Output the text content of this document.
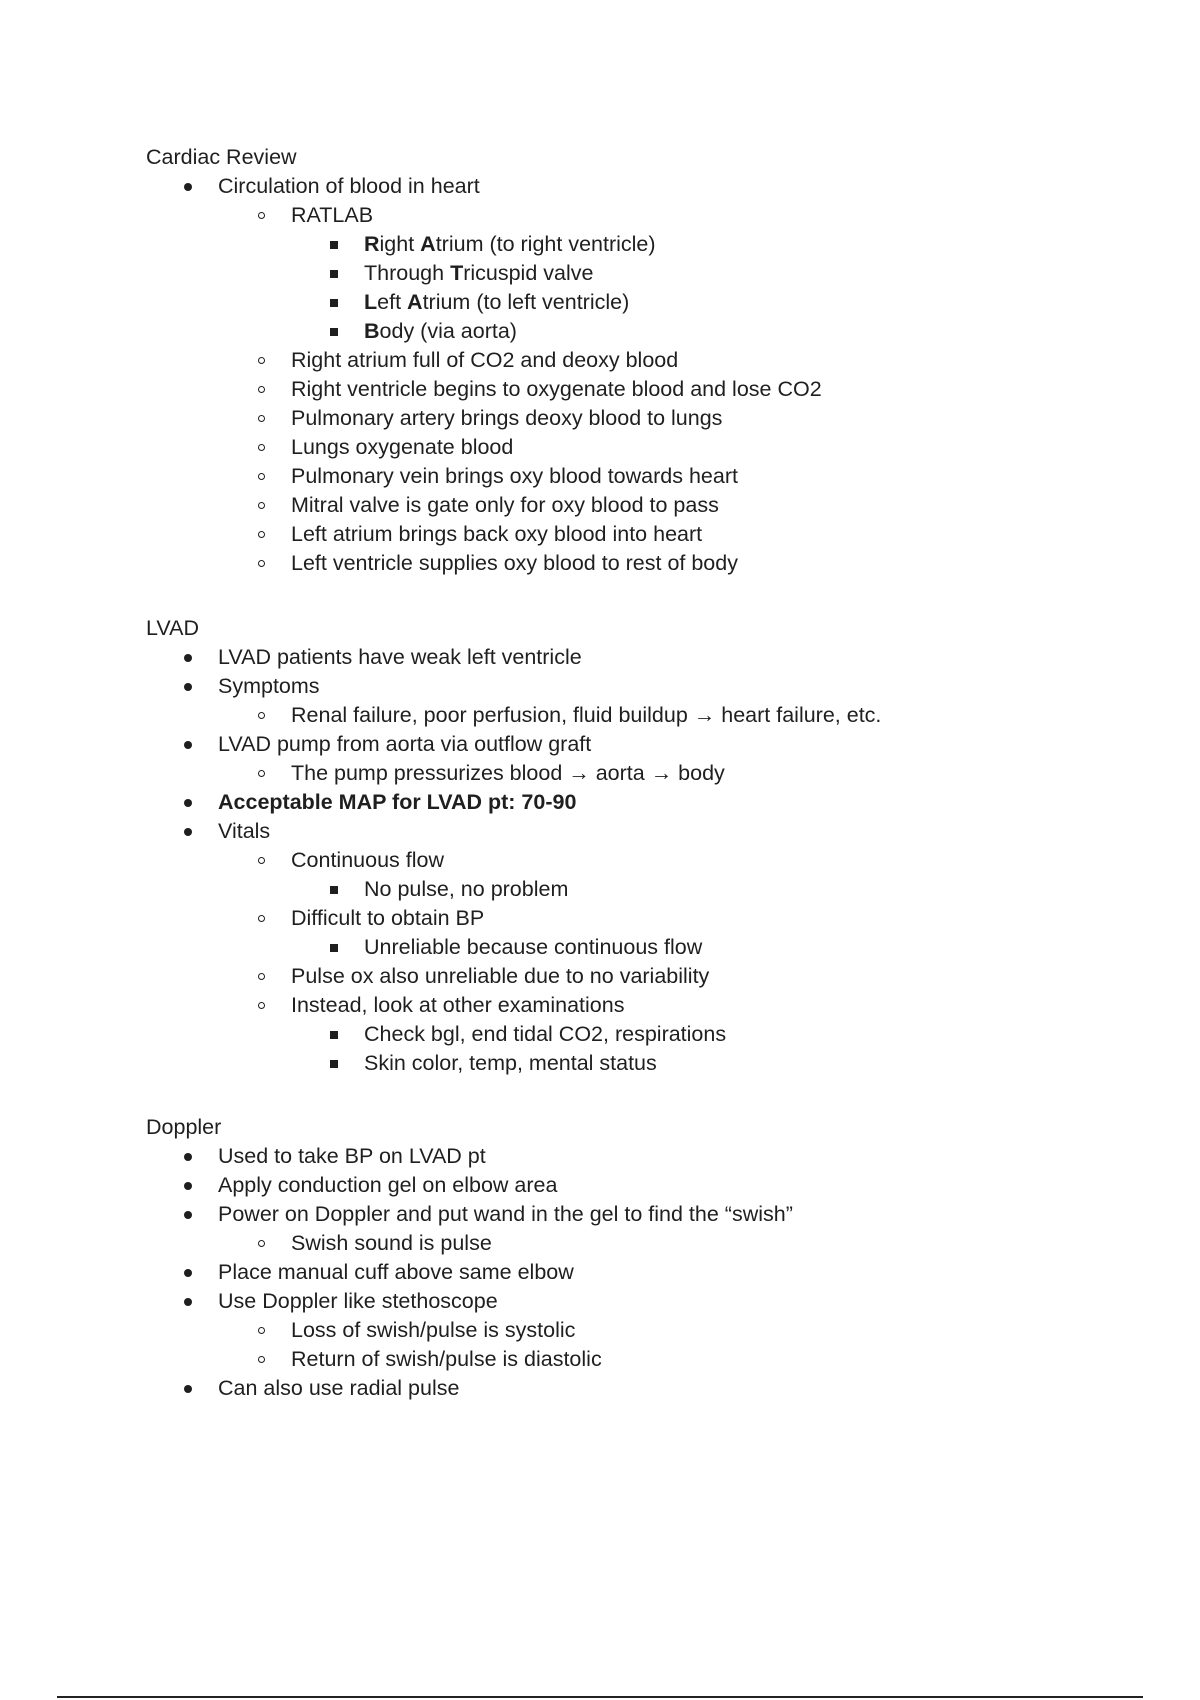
Cardiac Review
Circulation of blood in heart
RATLAB
Right Atrium (to right ventricle)
Through Tricuspid valve
Left Atrium (to left ventricle)
Body (via aorta)
Right atrium full of CO2 and deoxy blood
Right ventricle begins to oxygenate blood and lose CO2
Pulmonary artery brings deoxy blood to lungs
Lungs oxygenate blood
Pulmonary vein brings oxy blood towards heart
Mitral valve is gate only for oxy blood to pass
Left atrium brings back oxy blood into heart
Left ventricle supplies oxy blood to rest of body
LVAD
LVAD patients have weak left ventricle
Symptoms
Renal failure, poor perfusion, fluid buildup → heart failure, etc.
LVAD pump from aorta via outflow graft
The pump pressurizes blood → aorta → body
Acceptable MAP for LVAD pt: 70-90
Vitals
Continuous flow
No pulse, no problem
Difficult to obtain BP
Unreliable because continuous flow
Pulse ox also unreliable due to no variability
Instead, look at other examinations
Check bgl, end tidal CO2, respirations
Skin color, temp, mental status
Doppler
Used to take BP on LVAD pt
Apply conduction gel on elbow area
Power on Doppler and put wand in the gel to find the “swish”
Swish sound is pulse
Place manual cuff above same elbow
Use Doppler like stethoscope
Loss of swish/pulse is systolic
Return of swish/pulse is diastolic
Can also use radial pulse
